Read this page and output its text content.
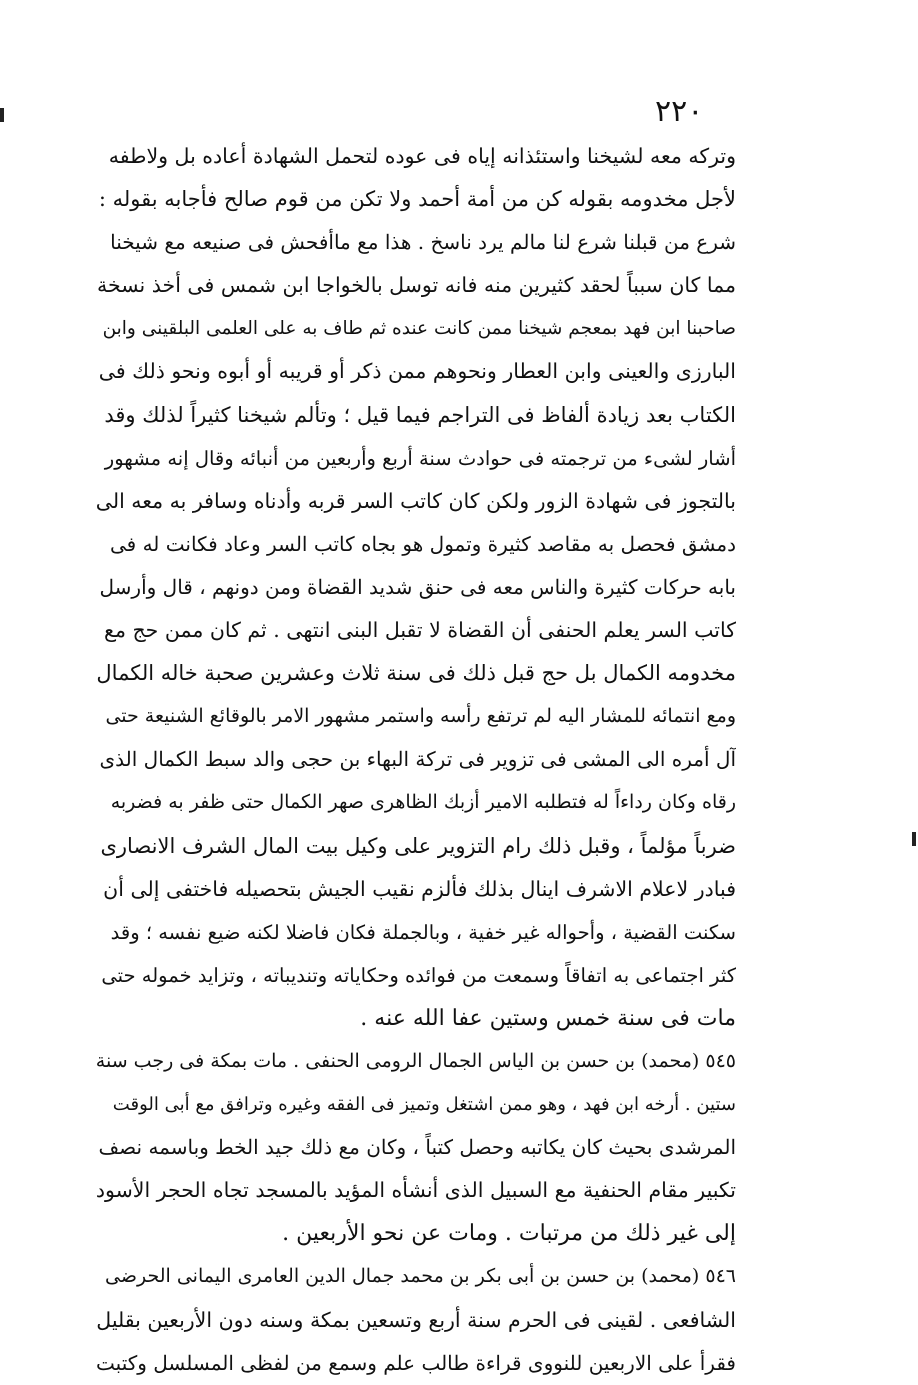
٢٢٠
وتركه معه لشيخنا واستئذانه إياه فى عوده لتحمل الشهادة أعاده بل ولاطفه
لأجل مخدومه بقوله كن من أمة أحمد ولا تكن من قوم صالح فأجابه بقوله :
شرع من قبلنا شرع لنا مالم يرد ناسخ . هذا مع ماأفحش فى صنيعه مع شيخنا
مما كان سبباً لحقد كثيرين منه فانه توسل بالخواجا ابن شمس فى أخذ نسخة
صاحبنا ابن فهد بمعجم شيخنا ممن كانت عنده ثم طاف به على العلمى البلقينى وابن
البارزى والعينى وابن العطار ونحوهم ممن ذكر أو قريبه أو أبوه ونحو ذلك فى
الكتاب بعد زيادة ألفاظ فى التراجم فيما قيل ؛ وتألم شيخنا كثيراً لذلك وقد
أشار لشىء من ترجمته فى حوادث سنة أربع وأربعين من أنبائه وقال إنه مشهور
بالتجوز فى شهادة الزور ولكن كان كاتب السر قربه وأدناه وسافر به معه الى
دمشق فحصل به مقاصد كثيرة وتمول هو بجاه كاتب السر وعاد فكانت له فى
بابه حركات كثيرة والناس معه فى حنق شديد القضاة ومن دونهم ، قال وأرسل
كاتب السر يعلم الحنفى أن القضاة لا تقبل البنى انتهى . ثم كان ممن حج مع
مخدومه الكمال بل حج قبل ذلك فى سنة ثلاث وعشرين صحبة خاله الكمال
ومع انتمائه للمشار اليه لم ترتفع رأسه واستمر مشهور الامر بالوقائع الشنيعة حتى
آل أمره الى المشى فى تزوير فى تركة البهاء بن حجى والد سبط الكمال الذى
رقاه وكان رداءاً له فتطلبه الامير أزبك الظاهرى صهر الكمال حتى ظفر به فضربه
ضرباً مؤلماً ، وقبل ذلك رام التزوير على وكيل بيت المال الشرف الانصارى
فبادر لاعلام الاشرف اينال بذلك فألزم نقيب الجيش بتحصيله فاختفى إلى أن
سكنت القضية ، وأحواله غير خفية ، وبالجملة فكان فاضلا لكنه ضيع نفسه ؛ وقد
كثر اجتماعى به اتفاقاً وسمعت من فوائده وحكاياته وتنديباته ، وتزايد خموله حتى
مات فى سنة خمس وستين عفا الله عنه .
٥٤٥ (محمد) بن حسن بن الياس الجمال الرومى الحنفى . مات بمكة فى رجب سنة
ستين . أرخه ابن فهد ، وهو ممن اشتغل وتميز فى الفقه وغيره وترافق مع أبى الوقت
المرشدى بحيث كان يكاتبه وحصل كتباً ، وكان مع ذلك جيد الخط وباسمه نصف
تكبير مقام الحنفية مع السبيل الذى أنشأه المؤيد بالمسجد تجاه الحجر الأسود
إلى غير ذلك من مرتبات . ومات عن نحو الأربعين .
٥٤٦ (محمد) بن حسن بن أبى بكر بن محمد جمال الدين العامرى اليمانى الحرضى
الشافعى . لقينى فى الحرم سنة أربع وتسعين بمكة وسنه دون الأربعين بقليل
فقرأ على الاربعين للنووى قراءة طالب علم وسمع من لفظى المسلسل وكتبت
